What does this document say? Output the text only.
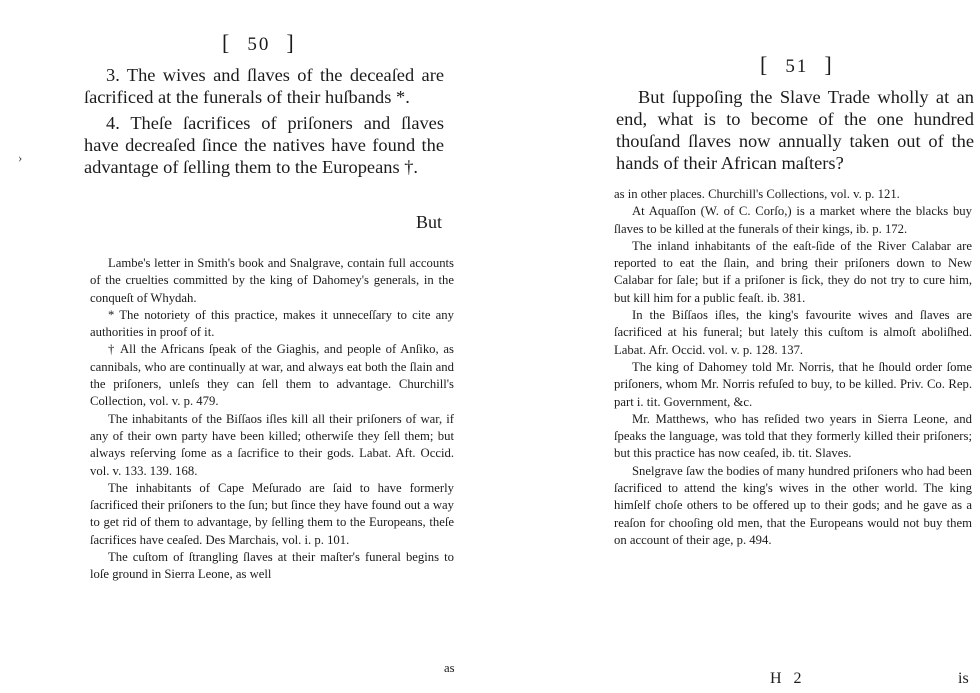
[ 50 ]
›

3. The wives and ſlaves of the deceaſed are ſacrificed at the funerals of their huſbands *.

4. Theſe ſacrifices of priſoners and ſlaves have decreaſed ſince the natives have found the advantage of ſelling them to the Europeans †.

But

Lambe's letter in Smith's book and Snalgrave, contain full accounts of the cruelties committed by the king of Dahomey's generals, in the conqueſt of Whydah.

* The notoriety of this practice, makes it unneceſſary to cite any authorities in proof of it.

† All the Africans ſpeak of the Giaghis, and people of Anſiko, as cannibals, who are continually at war, and always eat both the ſlain and the priſoners, unleſs they can ſell them to advantage. Churchill's Collection, vol. v. p. 479.

The inhabitants of the Biſſaos iſles kill all their priſoners of war, if any of their own party have been killed; otherwiſe they ſell them; but always reſerving ſome as a ſacrifice to their gods. Labat. Aft. Occid. vol. v. 133. 139. 168.

The inhabitants of Cape Meſurado are ſaid to have formerly ſacrificed their priſoners to the ſun; but ſince they have found out a way to get rid of them to advantage, by ſelling them to the Europeans, theſe ſacrifices have ceaſed. Des Marchais, vol. i. p. 101.

The cuſtom of ſtrangling ſlaves at their maſter's funeral begins to loſe ground in Sierra Leone, as well

as
[ 51 ]

But ſuppoſing the Slave Trade wholly at an end, what is to become of the one hundred thouſand ſlaves now annually taken out of the hands of their African maſters?

as in other places. Churchill's Collections, vol. v. p. 121.

At Aquaſſon (W. of C. Corſo,) is a market where the blacks buy ſlaves to be killed at the funerals of their kings, ib. p. 172.

The inland inhabitants of the eaſt-ſide of the River Calabar are reported to eat the ſlain, and bring their priſoners down to New Calabar for ſale; but if a priſoner is ſick, they do not try to cure him, but kill him for a public feaſt. ib. 381.

In the Biſſaos iſles, the king's favourite wives and ſlaves are ſacrificed at his funeral; but lately this cuſtom is almoſt aboliſhed. Labat. Afr. Occid. vol. v. p. 128. 137.

The king of Dahomey told Mr. Norris, that he ſhould order ſome priſoners, whom Mr. Norris refuſed to buy, to be killed. Priv. Co. Rep. part i. tit. Government, &c.

Mr. Matthews, who has reſided two years in Sierra Leone, and ſpeaks the language, was told that they formerly killed their priſoners; but this practice has now ceaſed, ib. tit. Slaves.

Snelgrave ſaw the bodies of many hundred priſoners who had been ſacrificed to attend the king's wives in the other world. The king himſelf choſe others to be offered up to their gods; and he gave as a reaſon for chooſing old men, that the Europeans would not buy them on account of their age, p. 494.

H 2	is
